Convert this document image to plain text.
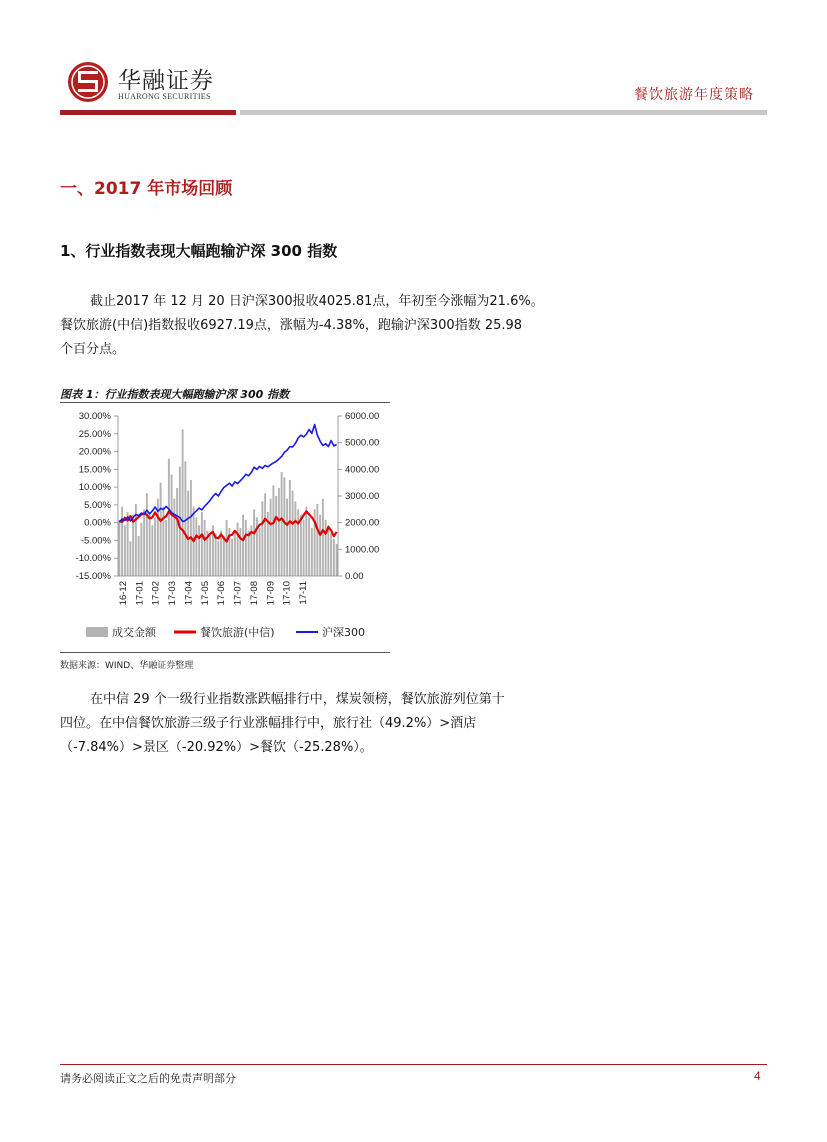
华融证券
HUARONG SECURITIES	餐饮旅游年度策略
一、2017 年市场回顾
1、行业指数表现大幅跑输沪深 300 指数
截止2017 年 12 月 20 日沪深300报收4025.81点，年初至今涨幅为21.6%。
餐饮旅游(中信)指数报收6927.19点，涨幅为-4.38%，跑输沪深300指数 25.98
个百分点。
图表 1：行业指数表现大幅跑输沪深 300 指数
30.00%
25.00%
20.00%
15.00%
10.00%
5.00%
0.00%
-5.00%
-10.00%
-15.00%
6000.00
5000.00
4000.00
3000.00
2000.00
1000.00
0.00
16-12 17-01 17-02 17-03 17-04 17-05 17-06 17-07 17-08 17-09 17-10 17-11
成交金额	餐饮旅游(中信)	沪深300
数据来源：WIND、华融证券整理
在中信 29 个一级行业指数涨跌幅排行中，煤炭领榜，餐饮旅游列位第十
四位。在中信餐饮旅游三级子行业涨幅排行中，旅行社（49.2%）>酒店
（-7.84%）>景区（-20.92%）>餐饮（-25.28%）。
请务必阅读正文之后的免责声明部分	4
